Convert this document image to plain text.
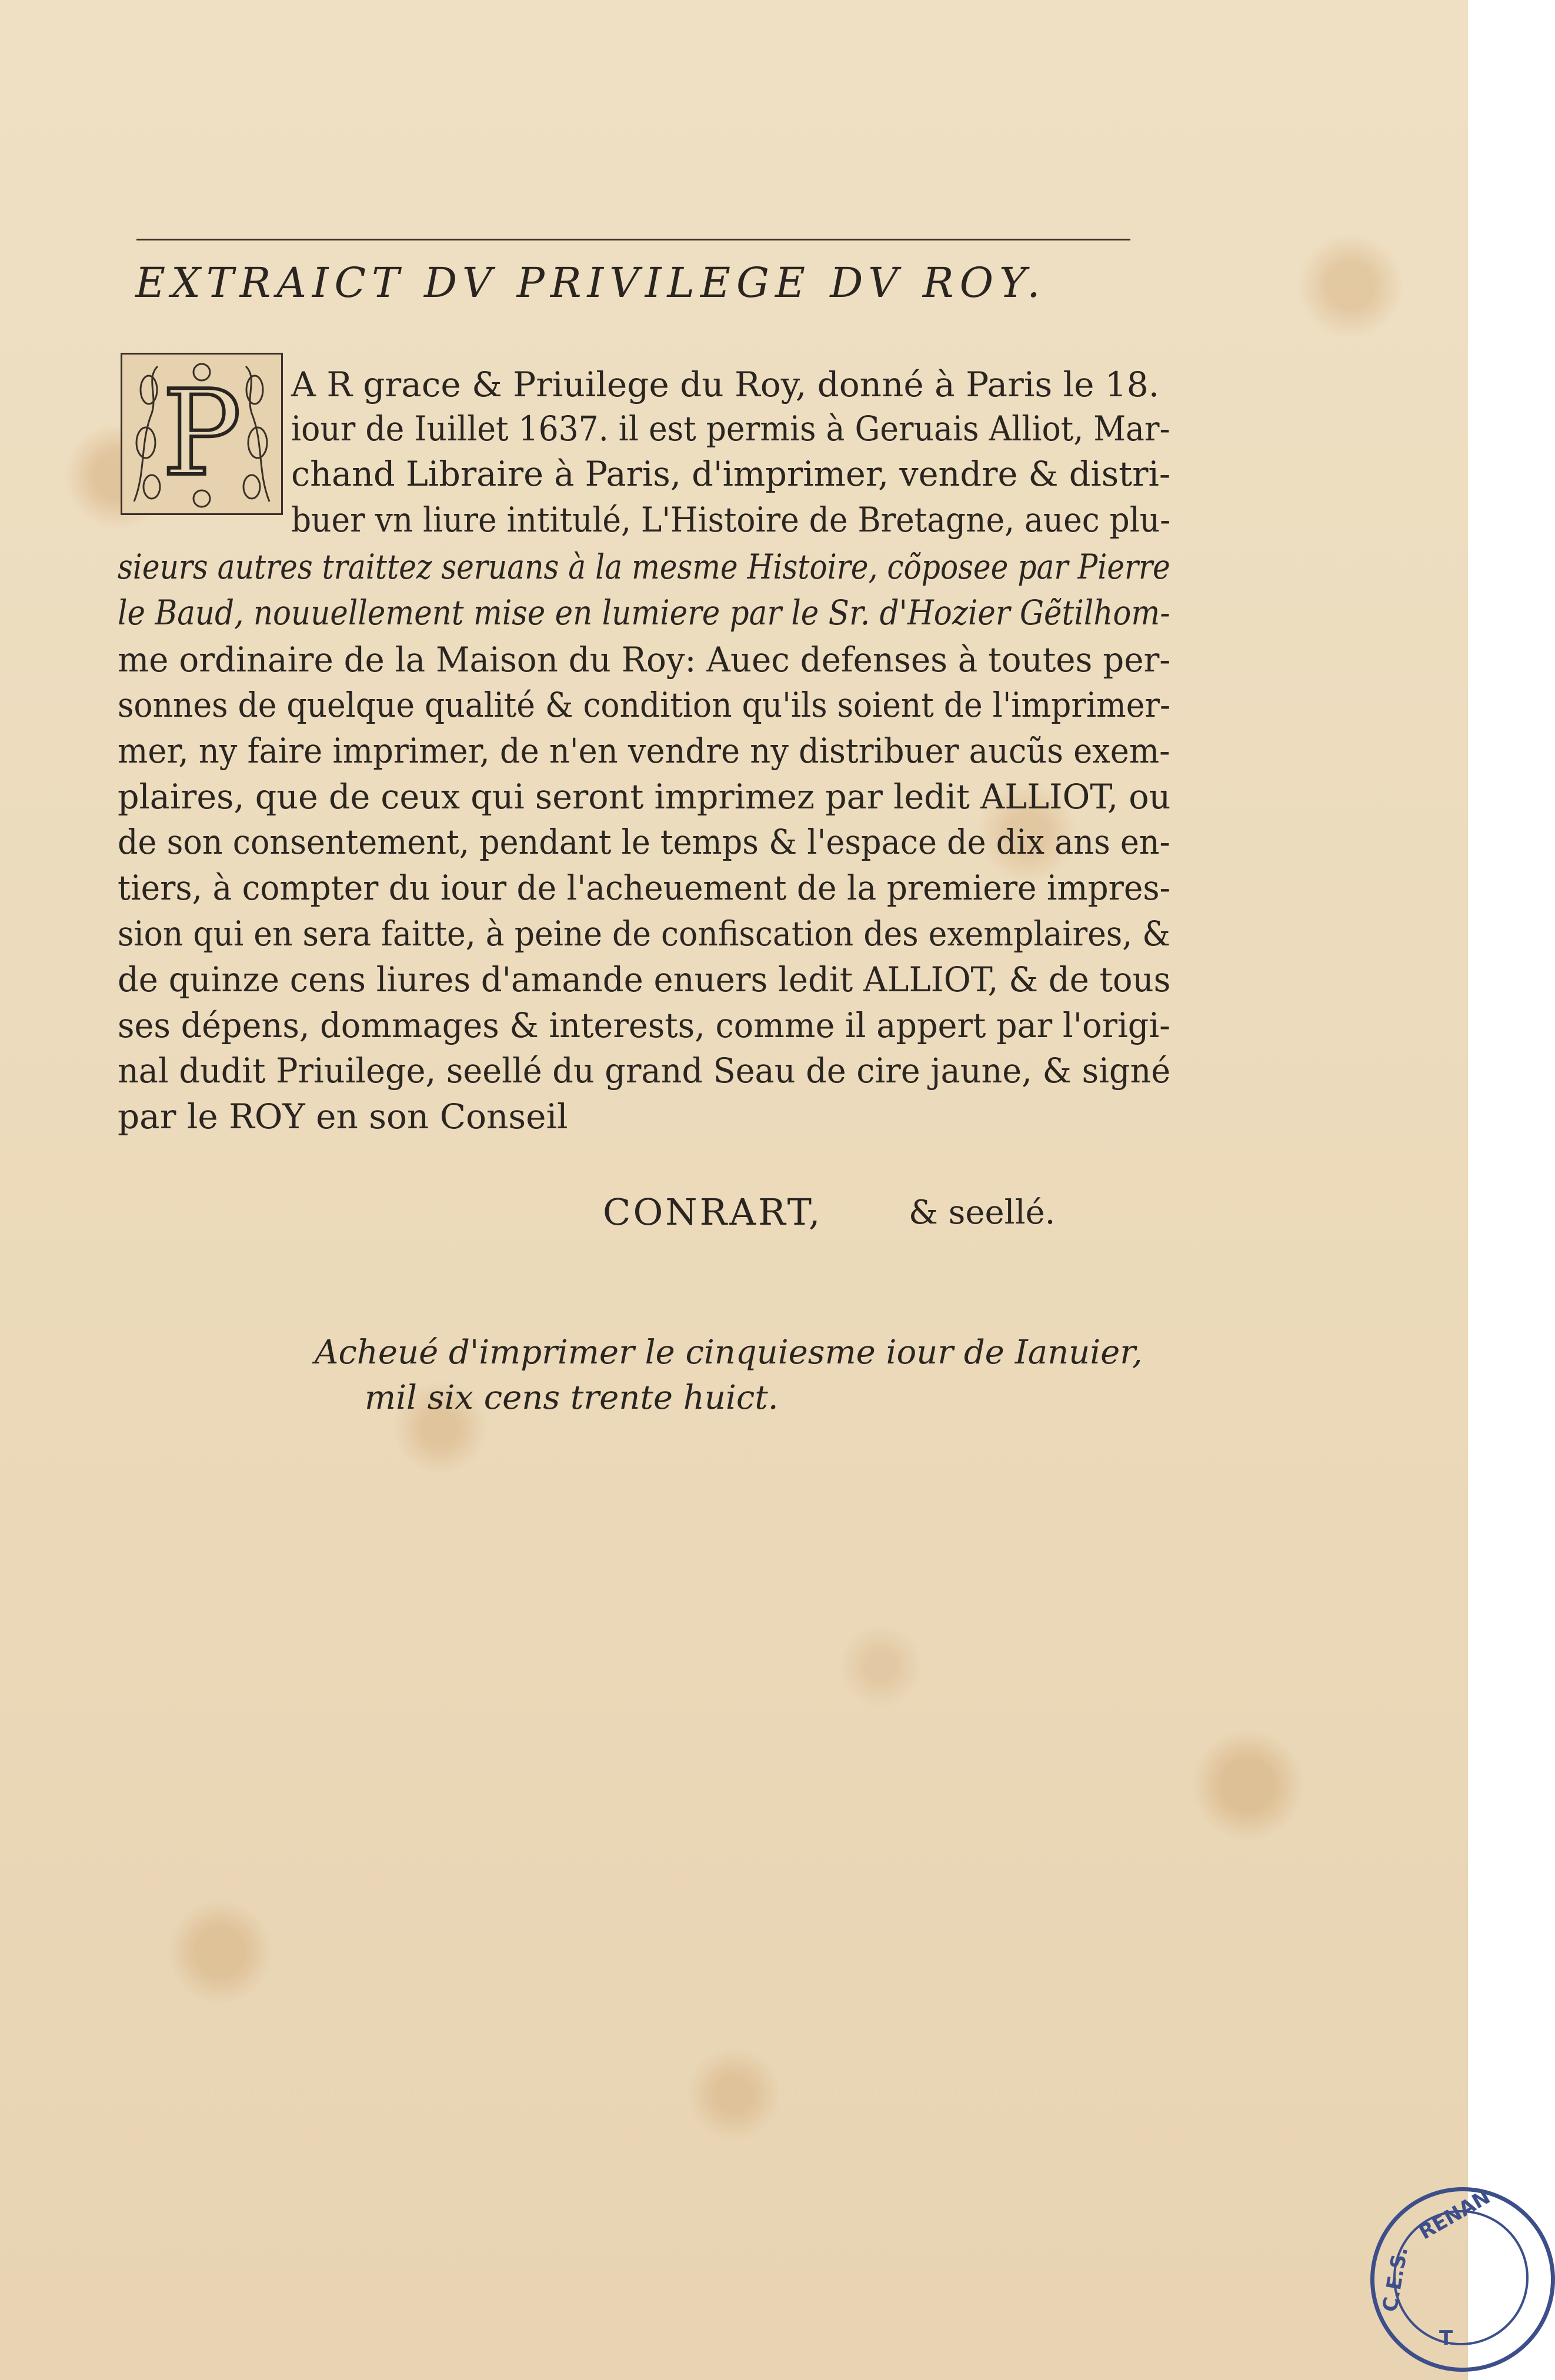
EXTRAICT DV PRIVILEGE DV ROY.
P A R grace & Priuilege du Roy, donné à Paris le 18.
iour de Iuillet 1637. il est permis à Geruais Alliot, Mar-
chand Libraire à Paris, d'imprimer, vendre & distri-
buer vn liure intitulé, L'Histoire de Bretagne, auec plu-
sieurs autres traittez seruans à la mesme Histoire, cõposee par Pierre
le Baud, nouuellement mise en lumiere par le Sr. d'Hozier Gẽtilhom-
me ordinaire de la Maison du Roy: Auec defenses à toutes per-
sonnes de quelque qualité & condition qu'ils soient de l'imprimer-
mer, ny faire imprimer, de n'en vendre ny distribuer aucũs exem-
plaires, que de ceux qui seront imprimez par ledit ALLIOT, ou
de son consentement, pendant le temps & l'espace de dix ans en-
tiers, à compter du iour de l'acheuement de la premiere impres-
sion qui en sera faitte, à peine de confiscation des exemplaires, &
de quinze cens liures d'amande enuers ledit ALLIOT, & de tous
ses dépens, dommages & interests, comme il appert par l'origi-
nal dudit Priuilege, seellé du grand Seau de cire jaune, & signé
par le ROY en son Conseil
CONRART,	& seellé.
Acheué d'imprimer le cinquiesme iour de Ianuier,
mil six cens trente huict.
RENAN
C.E.S.
T
